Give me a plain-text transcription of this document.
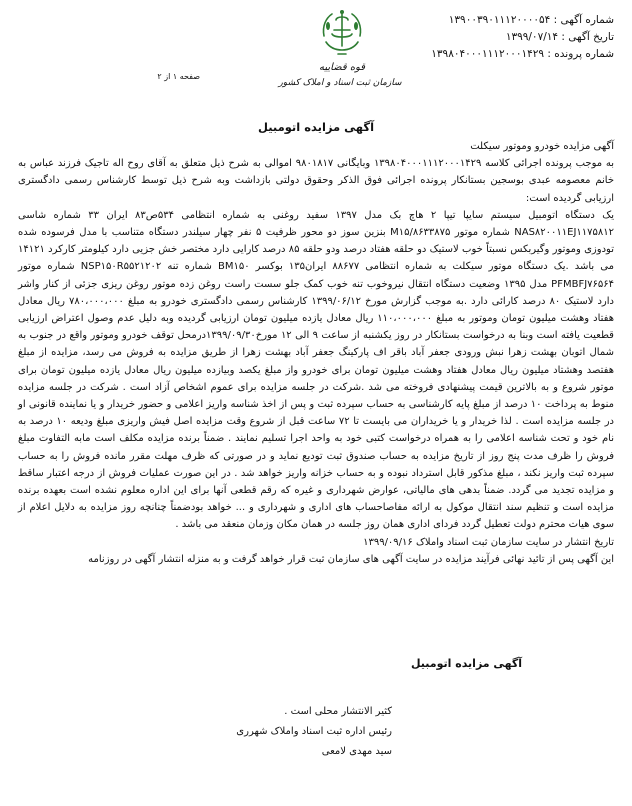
شماره آگهی : ۱۳۹۰۰۳۹۰۱۱۱۲۰۰۰۰۵۴
تاریخ آگهی : ۱۳۹۹/۰۷/۱۴
شماره پرونده : ۱۳۹۸۰۴۰۰۰۱۱۱۲۰۰۰۱۴۲۹
قوه قضاییه
سازمان ثبت اسناد و املاک کشور
صفحه ۱ از ۲
آگهی مزایده اتومبیل

آگهی مزایده خودرو وموتور سیکلت

به موجب پرونده اجرائی کلاسه ۱۳۹۸۰۴۰۰۰۱۱۱۲۰۰۰۱۴۲۹ وبایگانی ۹۸۰۱۸۱۷ اموالی به شرح ذیل متعلق به آقای روح اله تاجیک فرزند عباس به خانم معصومه عبدی بوسجین بستانکار پرونده اجرائی فوق الذکر وحقوق دولتی بازداشت وبه شرح ذیل توسط کارشناس رسمی دادگستری ارزیابی گردیده است:

یک دستگاه اتومبیل سیستم سایپا تیپا ۲ هاچ بک مدل ۱۳۹۷ سفید روغنی به شماره انتظامی ۵۳۴ص۸۳ ایران ۳۳ شماره شاسی NAS۸۲۰۰۱۱EJ۱۱۷۵۸۱۲ شماره موتور M۱۵/۸۶۳۳۸۷۵ بنزین سوز دو محور ظرفیت ۵ نفر چهار سیلندر دستگاه متناسب با مدل فرسوده شده تودوزی وموتور وگیربکس نسبتاً خوب لاستیک دو حلقه هفتاد درصد ودو حلقه ۸۵ درصد کارایی دارد مختصر خش جزیی دارد کیلومتر کارکرد ۱۴۱۲۱ می باشد .یک دستگاه موتور سیکلت به شماره انتظامی ۸۸۶۷۷ ایران۱۳۵ بوکسر BM۱۵۰ شماره تنه NSP۱۵۰R۵۵۲۱۲۰۲ شماره موتور PFMBFJ۷۶۵۶۴ مدل ۱۳۹۵ وضعیت دستگاه انتقال نیروخوب تنه خوب کمک جلو سست راست روغن زده موتور روغن ریزی جزئی از کنار واشر دارد لاستیک ۸۰ درصد کارائی دارد .به موجب گزارش مورخ ۱۳۹۹/۰۶/۱۲ کارشناس رسمی دادگستری خودرو به مبلغ ۷۸۰،۰۰۰،۰۰۰ ریال معادل هفتاد وهشت میلیون تومان وموتور به مبلغ ۱۱۰،۰۰۰،۰۰۰ ریال معادل یازده میلیون تومان ارزیابی گردیده وبه دلیل عدم وصول اعتراض ارزیابی قطعیت یافته است وبنا به درخواست بستانکار در روز یکشنبه از ساعت ۹ الی ۱۲ مورخ۱۳۹۹/۰۹/۳۰درمحل توقف خودرو وموتور واقع در جنوب به شمال اتوبان بهشت زهرا نبش ورودی جعفر آباد باقر اف پارکینگ جعفر آباد بهشت زهرا از طریق مزایده به فروش می رسد، مزایده از مبلغ هفتصد وهشتاد میلیون ریال معادل هفتاد وهشت میلیون تومان برای خودرو واز مبلغ یکصد وبیازده میلیون ریال معادل یازده میلیون تومان برای موتور شروع و به بالاترین قیمت پیشنهادی فروخته می شد .شرکت در جلسه مزایده برای عموم اشخاص آزاد است . شرکت در جلسه مزایده منوط به پرداخت ۱۰ درصد از مبلغ پایه کارشناسی به حساب سپرده ثبت و پس از اخذ شناسه واریز اعلامی و حضور خریدار و یا نماینده قانونی او در جلسه مزایده است . لذا خریدار و یا خریداران می بایست تا ۷۲ ساعت قبل از شروع وقت مزایده اصل فیش واریزی مبلغ ودیعه ۱۰ درصد به نام خود و تحت شناسه اعلامی را به همراه درخواست کتبی خود به واحد اجرا تسلیم نمایند . ضمناً برنده مزایده مکلف است مابه التفاوت مبلغ فروش را ظرف مدت پنج روز از تاریخ مزایده به حساب صندوق ثبت تودیع نماید و در صورتی که ظرف مهلت مقرر مانده فروش را به حساب سپرده ثبت واریز نکند ، مبلغ مذکور قابل استرداد نبوده و به حساب خزانه واریز خواهد شد . در این صورت عملیات فروش از درجه اعتبار ساقط و مزایده تجدید می گردد. ضمناً بدهی های مالیاتی، عوارض شهرداری و غیره که رقم قطعی آنها برای این اداره معلوم نشده است بعهده برنده مزایده است و تنظیم سند انتقال موکول به ارائه مفاصاحساب های اداری و شهرداری و ... خواهد بودضمناً چنانچه روز مزایده به دلایل اعلام از سوی هیات محترم دولت تعطیل گردد فردای اداری همان روز جلسه در همان مکان وزمان منعقد می باشد .

تاریخ انتشار در سایت سازمان ثبت اسناد واملاک ۱۳۹۹/۰۹/۱۶

این آگهی پس از تائید نهائی فرآیند مزایده در سایت آگهی های سازمان ثبت قرار خواهد گرفت و به منزله انتشار آگهی در روزنامه

آگهی مزایده اتومبیل
کثیر الانتشار محلی است .
رئیس اداره ثبت اسناد واملاک شهرری
سید مهدی لامعی
